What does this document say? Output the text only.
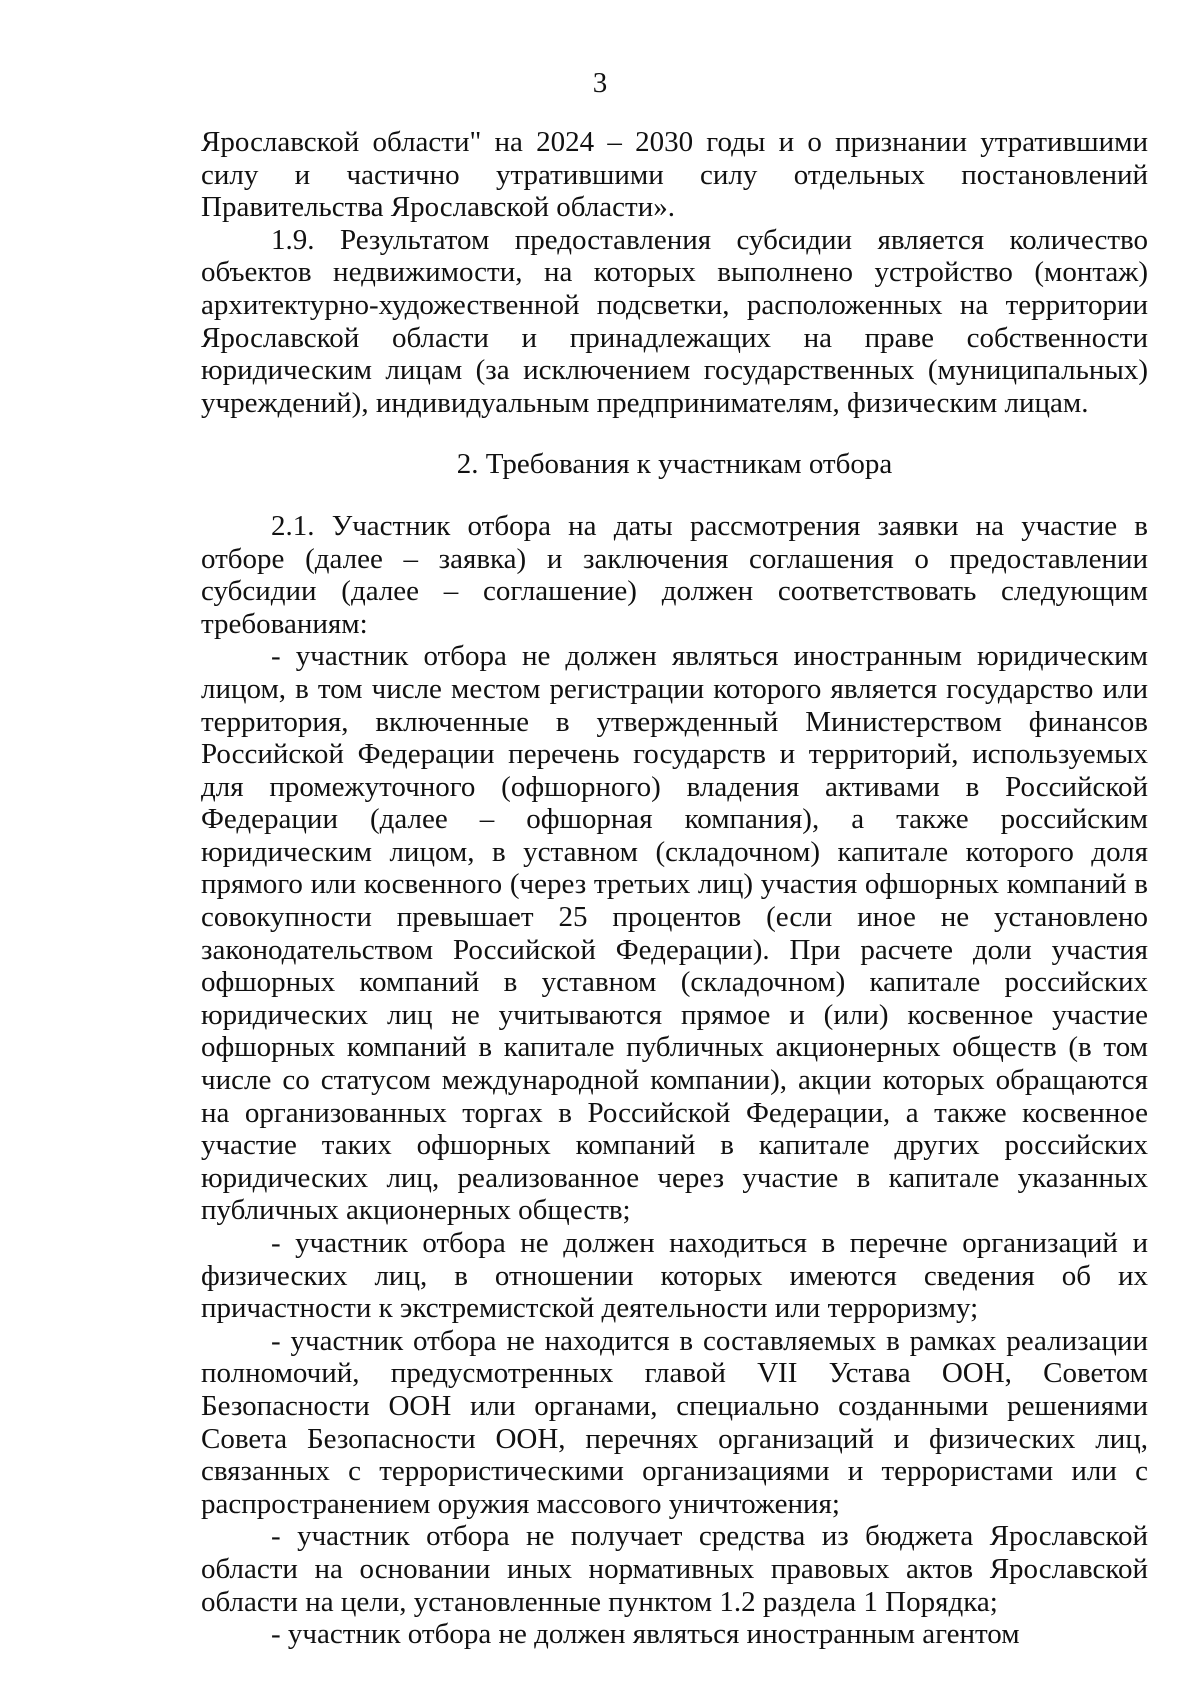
3

Ярославской области" на 2024 – 2030 годы и о признании утратившими силу и частично утратившими силу отдельных постановлений Правительства Ярославской области».

1.9. Результатом предоставления субсидии является количество объектов недвижимости, на которых выполнено устройство (монтаж) архитектурно-художественной подсветки, расположенных на территории Ярославской области и принадлежащих на праве собственности юридическим лицам (за исключением государственных (муниципальных) учреждений), индивидуальным предпринимателям, физическим лицам.

2. Требования к участникам отбора

2.1. Участник отбора на даты рассмотрения заявки на участие в отборе (далее – заявка) и заключения соглашения о предоставлении субсидии (далее – соглашение) должен соответствовать следующим требованиям:

- участник отбора не должен являться иностранным юридическим лицом, в том числе местом регистрации которого является государство или территория, включенные в утвержденный Министерством финансов Российской Федерации перечень государств и территорий, используемых для промежуточного (офшорного) владения активами в Российской Федерации (далее – офшорная компания), а также российским юридическим лицом, в уставном (складочном) капитале которого доля прямого или косвенного (через третьих лиц) участия офшорных компаний в совокупности превышает 25 процентов (если иное не установлено законодательством Российской Федерации). При расчете доли участия офшорных компаний в уставном (складочном) капитале российских юридических лиц не учитываются прямое и (или) косвенное участие офшорных компаний в капитале публичных акционерных обществ (в том числе со статусом международной компании), акции которых обращаются на организованных торгах в Российской Федерации, а также косвенное участие таких офшорных компаний в капитале других российских юридических лиц, реализованное через участие в капитале указанных публичных акционерных обществ;

- участник отбора не должен находиться в перечне организаций и физических лиц, в отношении которых имеются сведения об их причастности к экстремистской деятельности или терроризму;

- участник отбора не находится в составляемых в рамках реализации полномочий, предусмотренных главой VII Устава ООН, Советом Безопасности ООН или органами, специально созданными решениями Совета Безопасности ООН, перечнях организаций и физических лиц, связанных с террористическими организациями и террористами или с распространением оружия массового уничтожения;

- участник отбора не получает средства из бюджета Ярославской области на основании иных нормативных правовых актов Ярославской области на цели, установленные пунктом 1.2 раздела 1 Порядка;

- участник отбора не должен являться иностранным агентом
